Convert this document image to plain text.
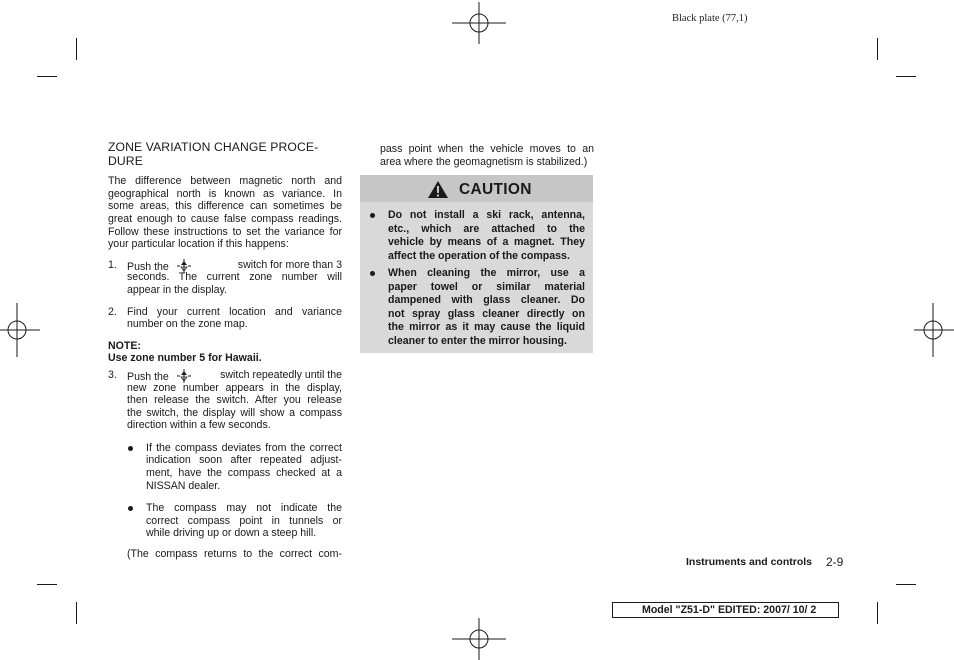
Black plate (77,1)
ZONE VARIATION CHANGE PROCE-
DURE
The difference between magnetic north and
geographical north is known as variance. In
some areas, this difference can sometimes be
great enough to cause false compass readings.
Follow these instructions to set the variance for
your particular location if this happens:
1. Push the	switch for more than 3
seconds. The current zone number will
appear in the display.
2. Find your current location and variance
number on the zone map.
NOTE:
Use zone number 5 for Hawaii.
3. Push the	switch repeatedly until the
new zone number appears in the display,
then release the switch. After you release
the switch, the display will show a compass
direction within a few seconds.
If the compass deviates from the correct
indication soon after repeated adjust-
ment, have the compass checked at a
NISSAN dealer.
The compass may not indicate the
correct compass point in tunnels or
while driving up or down a steep hill.
(The compass returns to the correct com-
pass point when the vehicle moves to an
area where the geomagnetism is stabilized.)
CAUTION
Do not install a ski rack, antenna,
etc., which are attached to the
vehicle by means of a magnet. They
affect the operation of the compass.
When cleaning the mirror, use a
paper towel or similar material
dampened with glass cleaner. Do
not spray glass cleaner directly on
the mirror as it may cause the liquid
cleaner to enter the mirror housing.
Instruments and controls 2-9
Model "Z51-D" EDITED: 2007/ 10/ 2
